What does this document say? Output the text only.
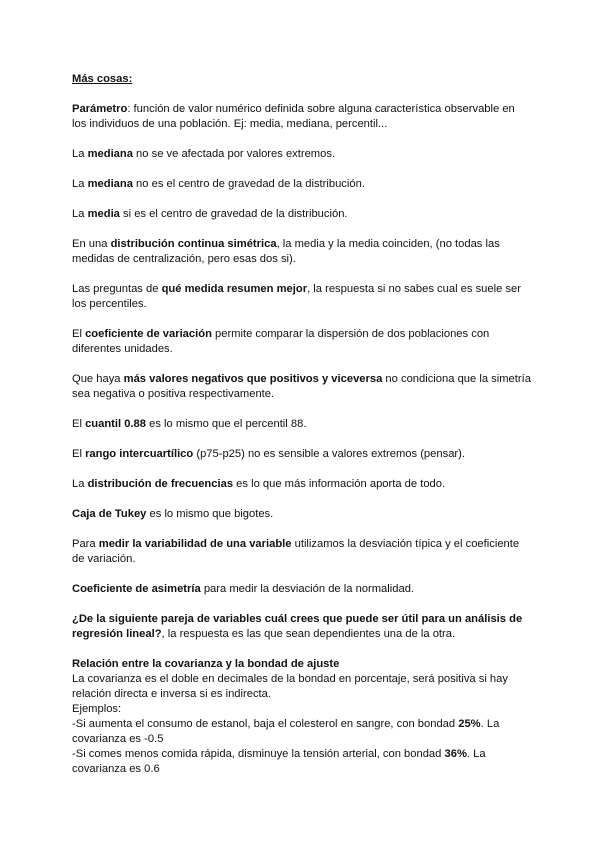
Más cosas:

Parámetro: función de valor numérico definida sobre alguna característica observable en los individuos de una población. Ej: media, mediana, percentil...

La mediana no se ve afectada por valores extremos.

La mediana no es el centro de gravedad de la distribución.

La media si es el centro de gravedad de la distribución.

En una distribución continua simétrica, la media y la media coinciden, (no todas las medidas de centralización, pero esas dos si).

Las preguntas de qué medida resumen mejor, la respuesta si no sabes cual es suele ser los percentiles.

El coeficiente de variación permite comparar la dispersión de dos poblaciones con diferentes unidades.

Que haya más valores negativos que positivos y viceversa no condiciona que la simetría sea negativa o positiva respectivamente.

El cuantil 0.88 es lo mismo que el percentil 88.

El rango intercuartílico (p75-p25) no es sensible a valores extremos (pensar).

La distribución de frecuencias es lo que más información aporta de todo.

Caja de Tukey es lo mismo que bigotes.

Para medir la variabilidad de una variable utilizamos la desviación típica y el coeficiente de variación.

Coeficiente de asimetría para medir la desviación de la normalidad.

¿De la siguiente pareja de variables cuál crees que puede ser útil para un análisis de regresión lineal?, la respuesta es las que sean dependientes una de la otra.

Relación entre la covarianza y la bondad de ajuste

La covarianza es el doble en decimales de la bondad en porcentaje, será positiva si hay relación directa e inversa si es indirecta.

Ejemplos:

-Si aumenta el consumo de estanol, baja el colesterol en sangre, con bondad 25%. La covarianza es -0.5

-Si comes menos comida rápida, disminuye la tensión arterial, con bondad 36%. La covarianza es 0.6
